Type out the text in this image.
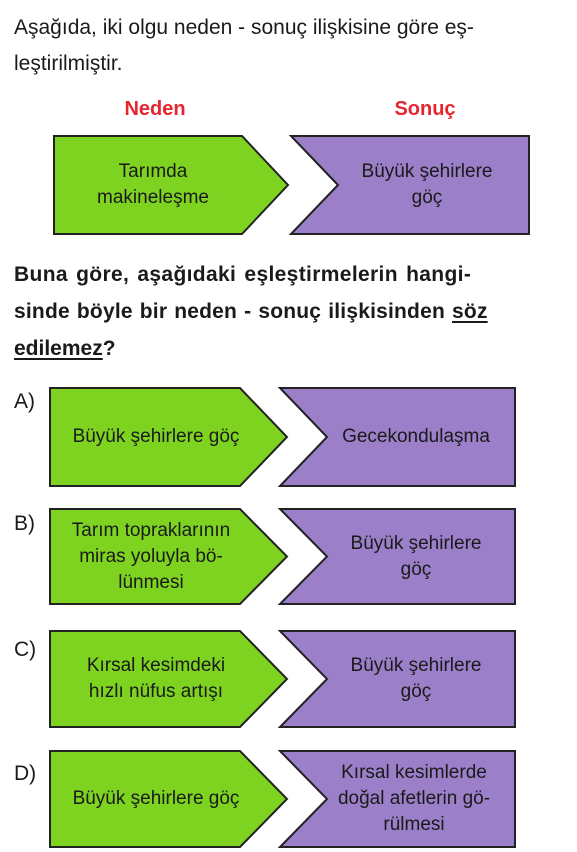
Aşağıda, iki olgu neden - sonuç ilişkisine göre eş-
leştirilmiştir.

Neden	Sonuç
Tarımda
makineleşme
Büyük şehirlere
göç

Buna göre, aşağıdaki eşleştirmelerin hangi-
sinde böyle bir neden - sonuç ilişkisinden söz
edilemez?

A)
Büyük şehirlere göç	Gecekondulaşma
B) Tarım topraklarının
miras yoluyla bö-
lünmesi
Büyük şehirlere
göç
C)
Kırsal kesimdeki
hızlı nüfus artışı
Büyük şehirlere
göç
D)
Büyük şehirlere göç
Kırsal kesimlerde
doğal afetlerin gö-
rülmesi
